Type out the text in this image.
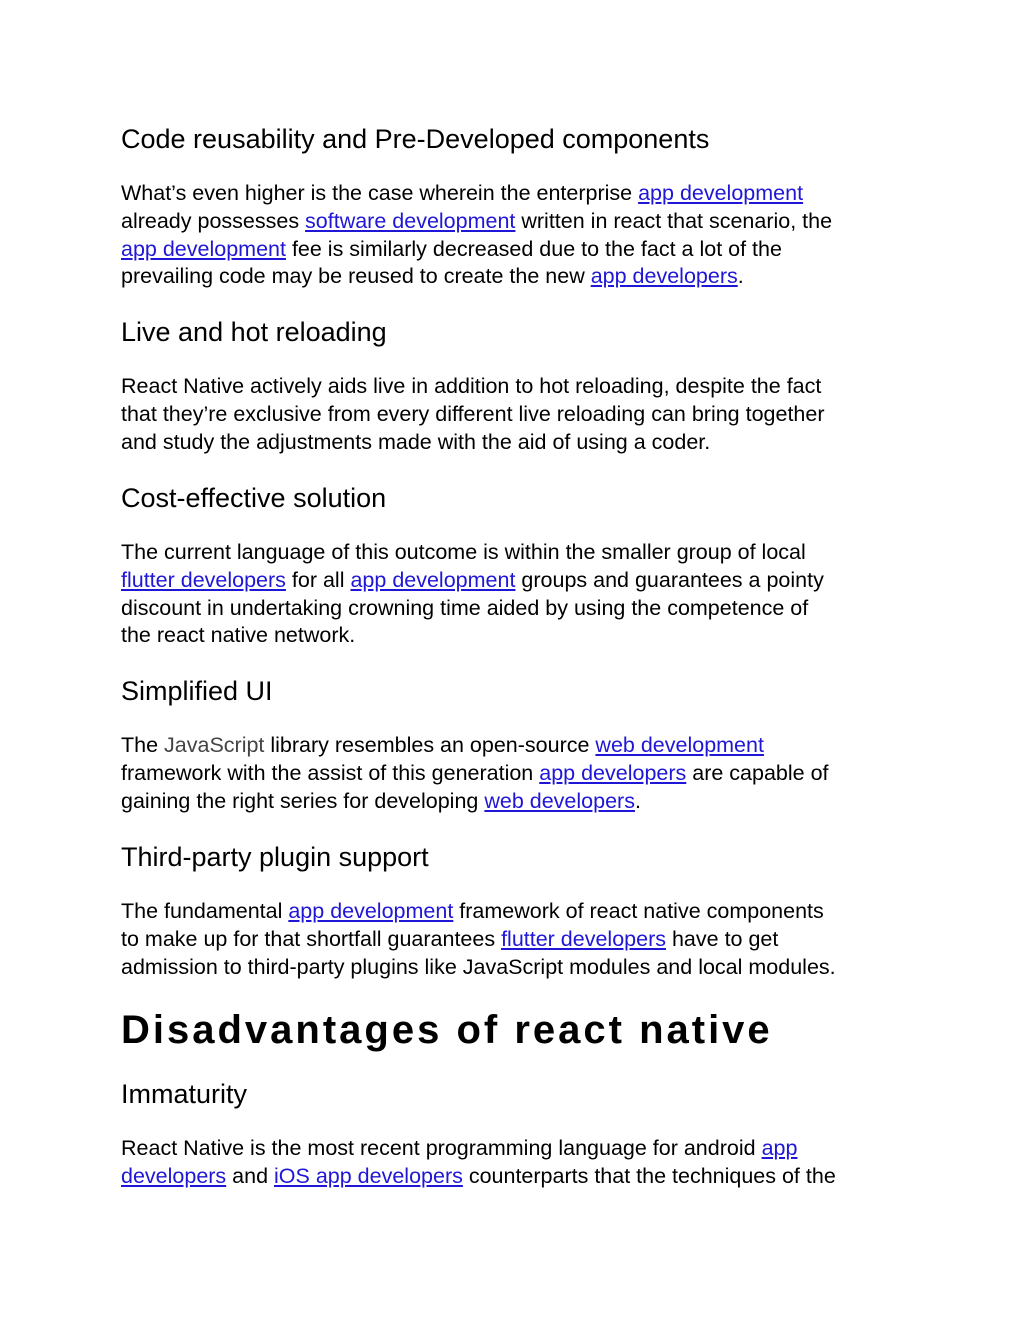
Code reusability and Pre-Developed components

What’s even higher is the case wherein the enterprise app development
already possesses software development written in react that scenario, the
app development fee is similarly decreased due to the fact a lot of the
prevailing code may be reused to create the new app developers.

Live and hot reloading

React Native actively aids live in addition to hot reloading, despite the fact
that they’re exclusive from every different live reloading can bring together
and study the adjustments made with the aid of using a coder.

Cost-effective solution

The current language of this outcome is within the smaller group of local
flutter developers for all app development groups and guarantees a pointy
discount in undertaking crowning time aided by using the competence of
the react native network.

Simplified UI

The JavaScript library resembles an open-source web development
framework with the assist of this generation app developers are capable of
gaining the right series for developing web developers.

Third-party plugin support

The fundamental app development framework of react native components
to make up for that shortfall guarantees flutter developers have to get
admission to third-party plugins like JavaScript modules and local modules.

Disadvantages of react native
Immaturity

React Native is the most recent programming language for android app
developers and iOS app developers counterparts that the techniques of the
